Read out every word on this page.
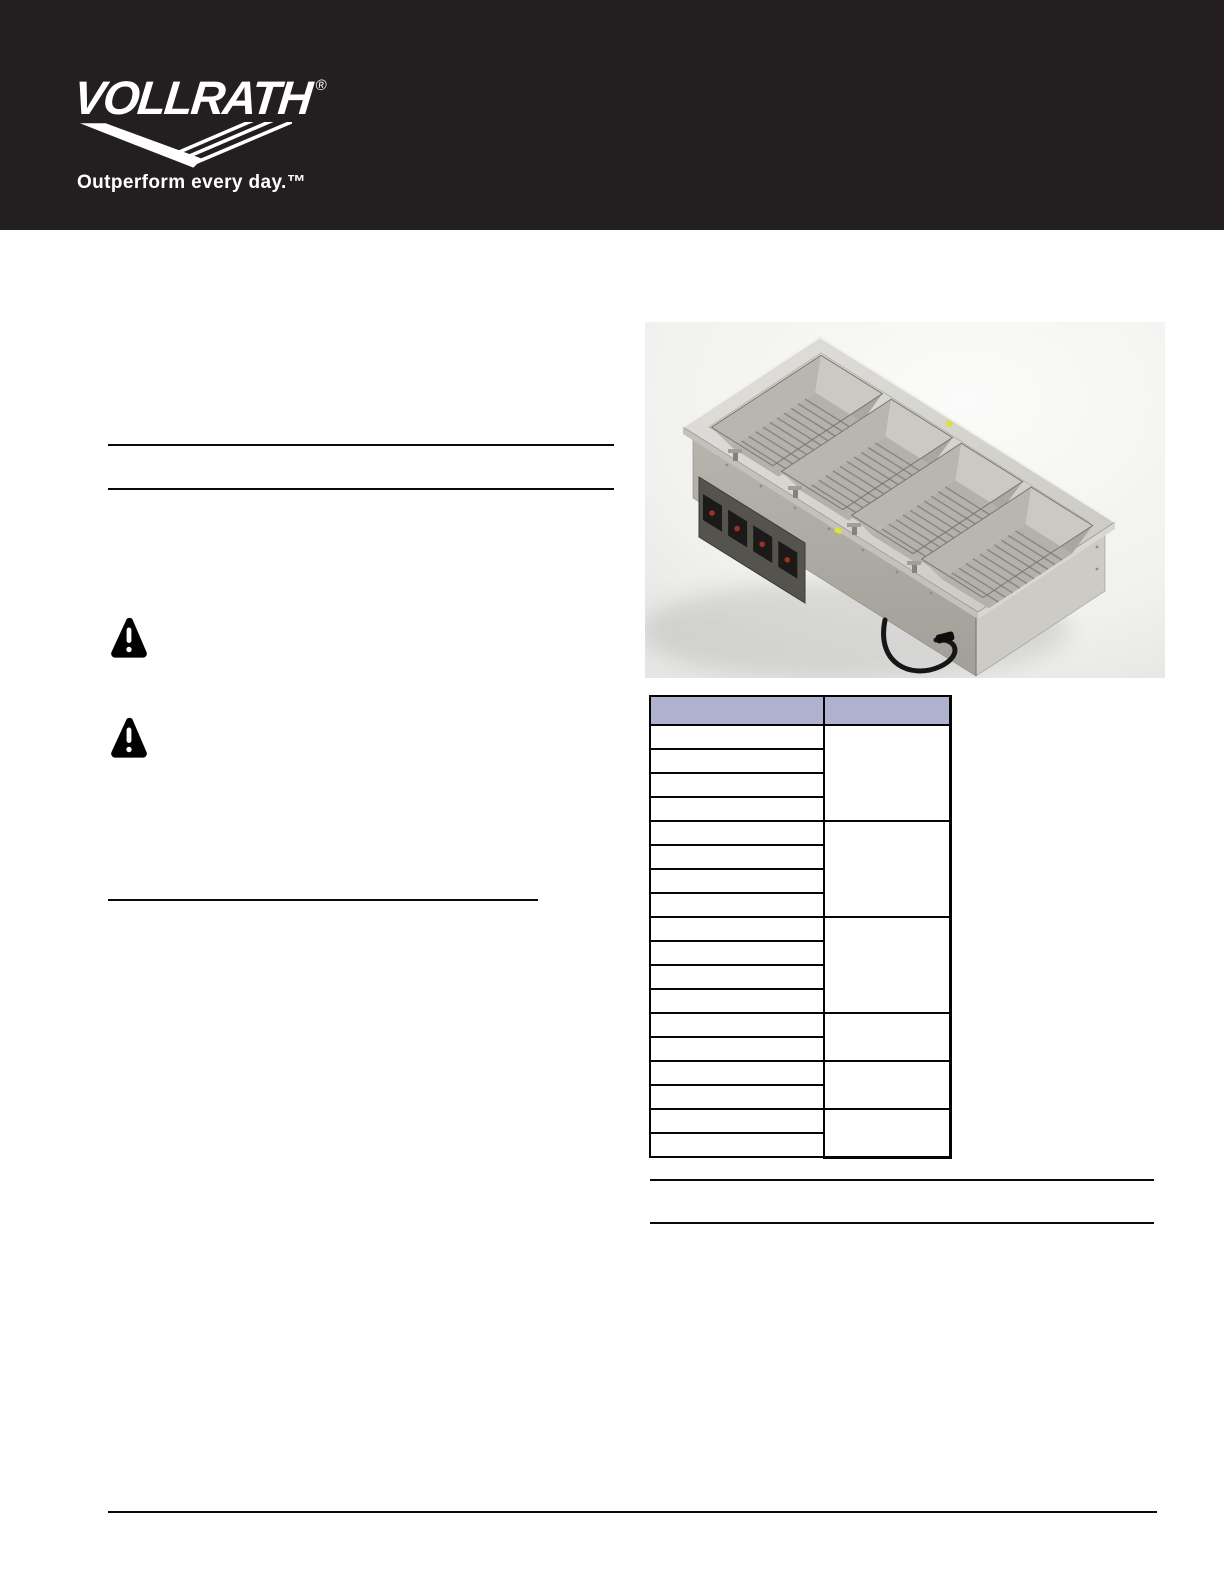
VOLLRATH ®
Outperform every day.™
